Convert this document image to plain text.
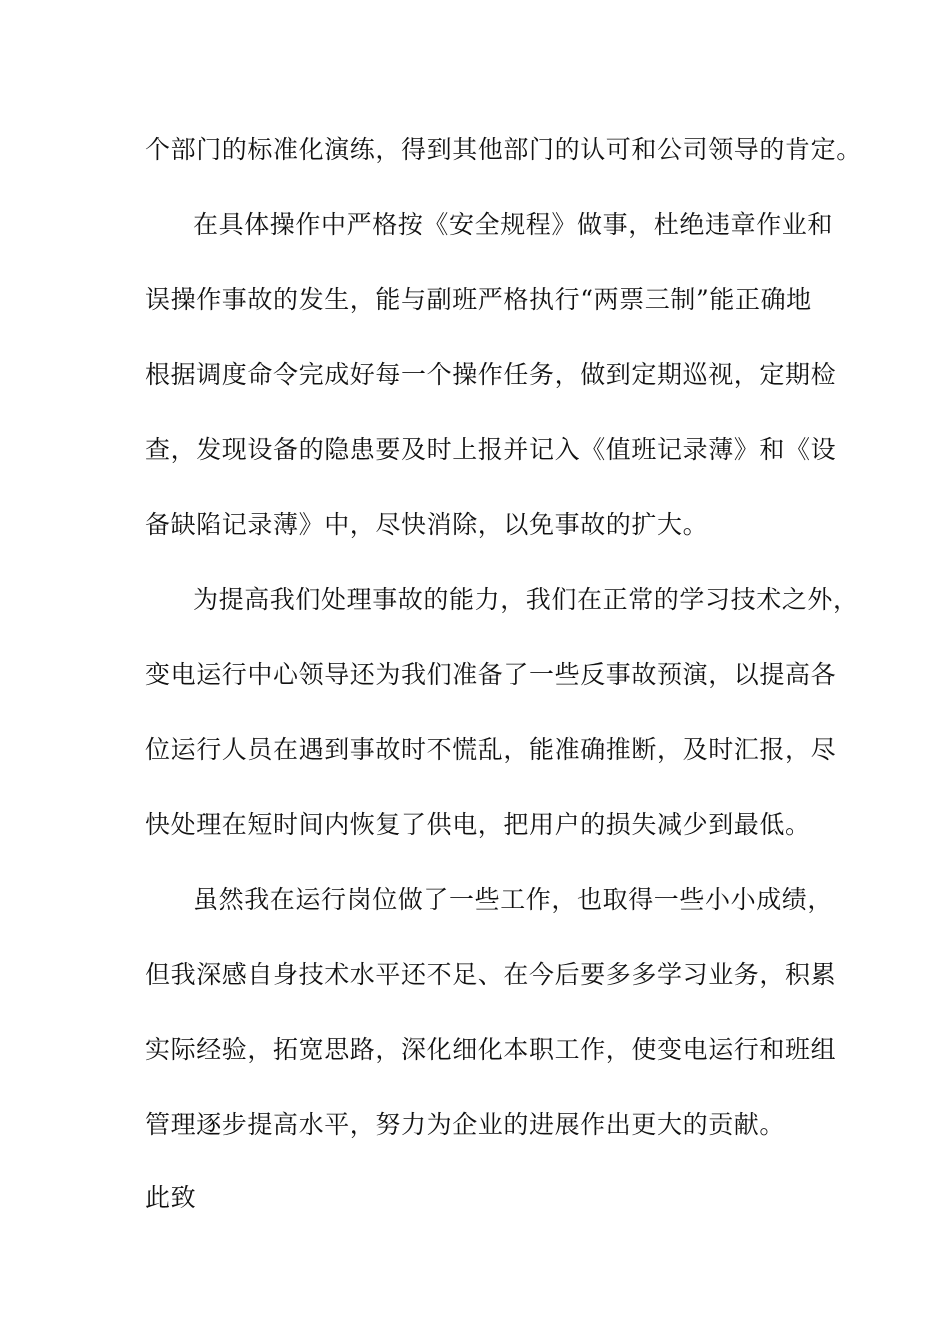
个部门的标准化演练，得到其他部门的认可和公司领导的肯定。
在具体操作中严格按《安全规程》做事，杜绝违章作业和
误操作事故的发生，能与副班严格执行“两票三制”能正确地
根据调度命令完成好每一个操作任务，做到定期巡视，定期检
查，发现设备的隐患要及时上报并记入《值班记录薄》和《设
备缺陷记录薄》中，尽快消除，以免事故的扩大。
为提高我们处理事故的能力，我们在正常的学习技术之外，
变电运行中心领导还为我们准备了一些反事故预演，以提高各
位运行人员在遇到事故时不慌乱，能准确推断，及时汇报，尽
快处理在短时间内恢复了供电，把用户的损失减少到最低。
虽然我在运行岗位做了一些工作，也取得一些小小成绩，
但我深感自身技术水平还不足、在今后要多多学习业务，积累
实际经验，拓宽思路，深化细化本职工作，使变电运行和班组
管理逐步提高水平，努力为企业的进展作出更大的贡献。
此致
